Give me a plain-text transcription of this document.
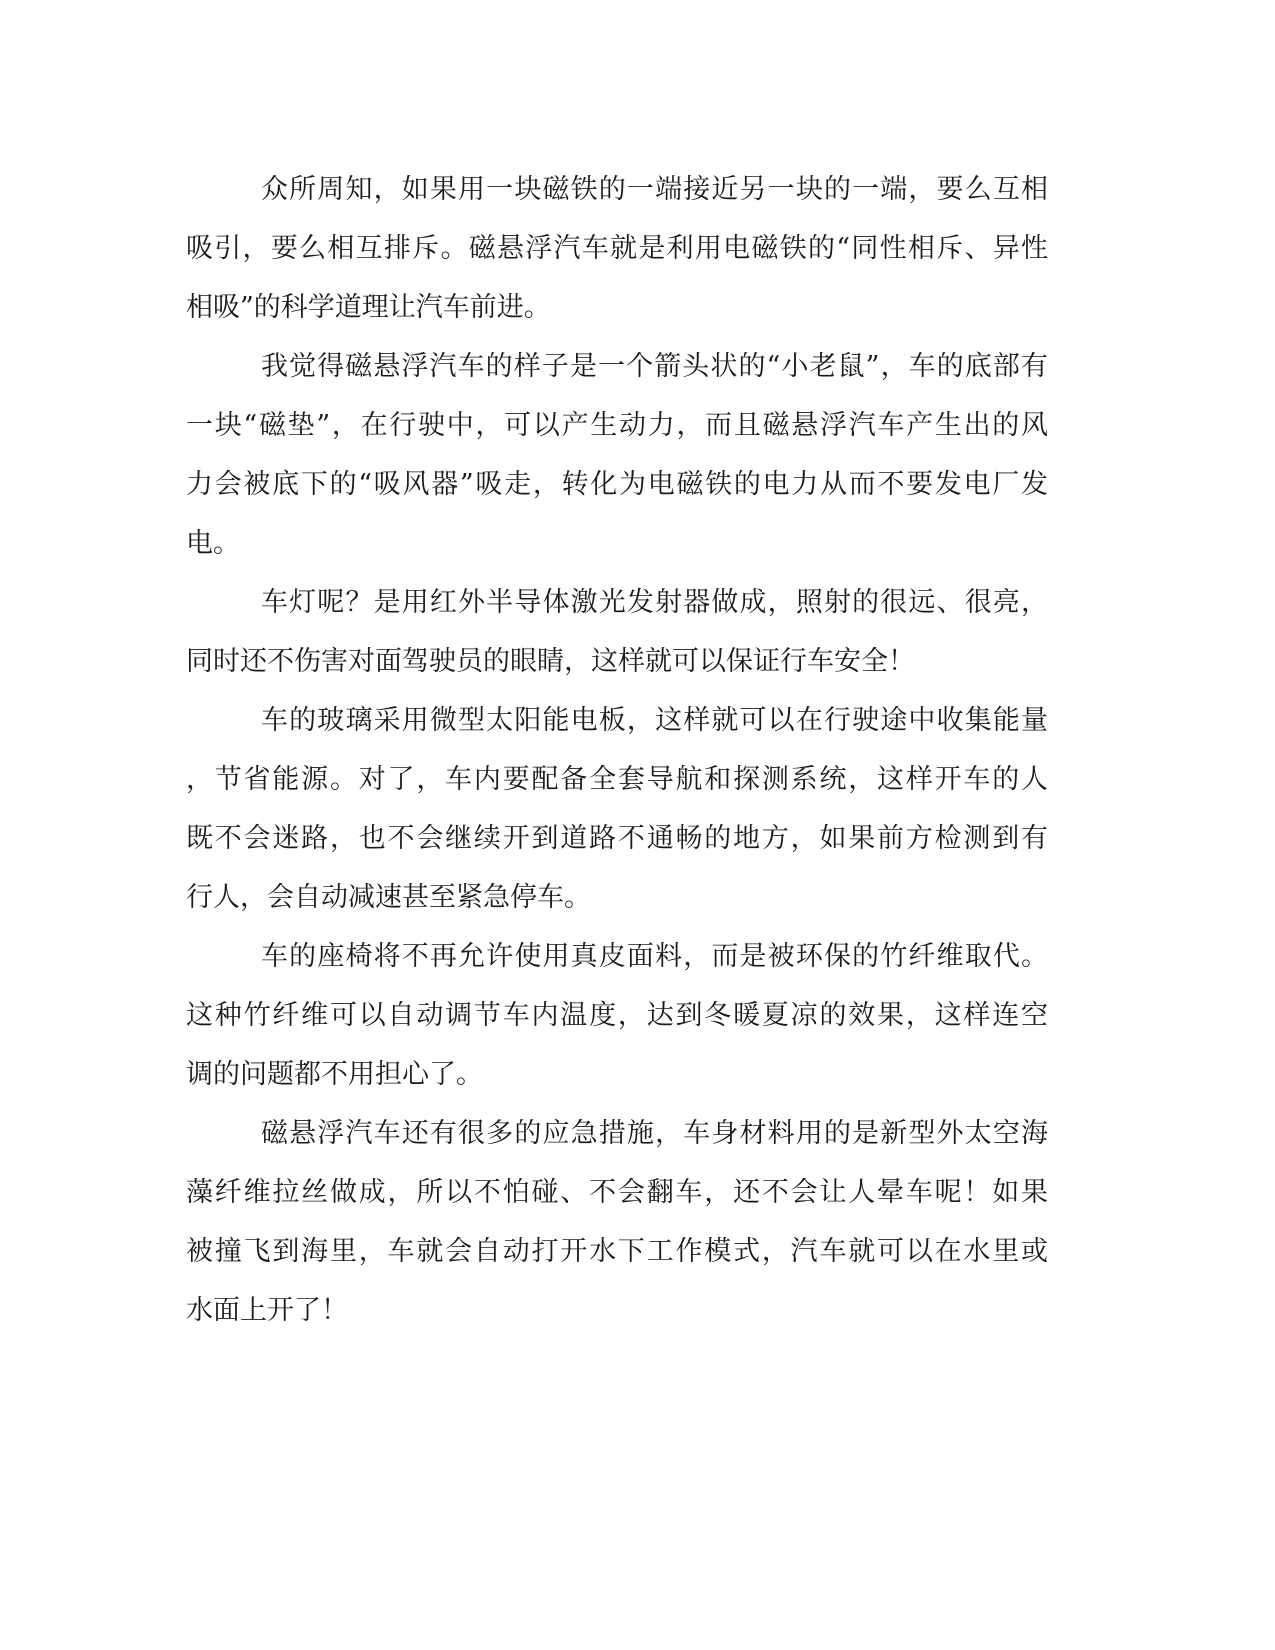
众所周知，如果用一块磁铁的一端接近另一块的一端，要么互相
吸引，要么相互排斥。磁悬浮汽车就是利用电磁铁的“同性相斥、异性
相吸”的科学道理让汽车前进。
我觉得磁悬浮汽车的样子是一个箭头状的“小老鼠”，车的底部有
一块“磁垫”，在行驶中，可以产生动力，而且磁悬浮汽车产生出的风
力会被底下的“吸风器”吸走，转化为电磁铁的电力从而不要发电厂发
电。
车灯呢？是用红外半导体激光发射器做成，照射的很远、很亮，
同时还不伤害对面驾驶员的眼睛，这样就可以保证行车安全！
车的玻璃采用微型太阳能电板，这样就可以在行驶途中收集能量
，节省能源。对了，车内要配备全套导航和探测系统，这样开车的人
既不会迷路，也不会继续开到道路不通畅的地方，如果前方检测到有
行人，会自动减速甚至紧急停车。
车的座椅将不再允许使用真皮面料，而是被环保的竹纤维取代。
这种竹纤维可以自动调节车内温度，达到冬暖夏凉的效果，这样连空
调的问题都不用担心了。
磁悬浮汽车还有很多的应急措施，车身材料用的是新型外太空海
藻纤维拉丝做成，所以不怕碰、不会翻车，还不会让人晕车呢！如果
被撞飞到海里，车就会自动打开水下工作模式，汽车就可以在水里或
水面上开了！
